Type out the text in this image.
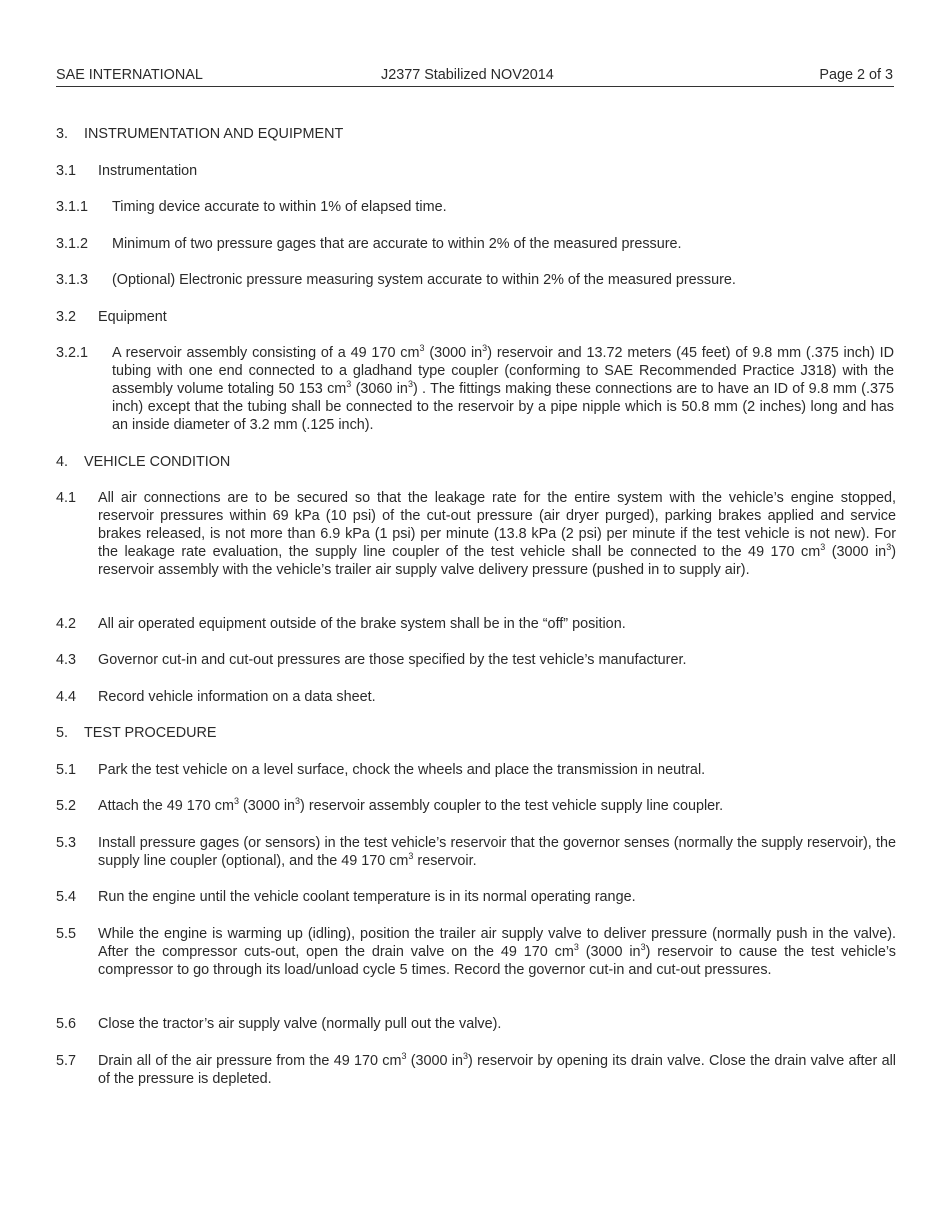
SAE INTERNATIONAL	J2377 Stabilized NOV2014	Page 2 of 3
3. INSTRUMENTATION AND EQUIPMENT
3.1 Instrumentation
3.1.1 Timing device accurate to within 1% of elapsed time.
3.1.2 Minimum of two pressure gages that are accurate to within 2% of the measured pressure.
3.1.3 (Optional) Electronic pressure measuring system accurate to within 2% of the measured pressure.
3.2 Equipment
3.2.1 A reservoir assembly consisting of a 49 170 $cm^3$ (3000 $in^3$) reservoir and 13.72 meters (45 feet) of 9.8 mm (.375 inch) ID tubing with one end connected to a gladhand type coupler (conforming to SAE Recommended Practice J318) with the assembly volume totaling 50 153 $cm^3$ (3060 $in^3$) . The fittings making these connections are to have an ID of 9.8 mm (.375 inch) except that the tubing shall be connected to the reservoir by a pipe nipple which is 50.8 mm (2 inches) long and has an inside diameter of 3.2 mm (.125 inch).
4. VEHICLE CONDITION
4.1 All air connections are to be secured so that the leakage rate for the entire system with the vehicle’s engine stopped, reservoir pressures within 69 kPa (10 psi) of the cut-out pressure (air dryer purged), parking brakes applied and service brakes released, is not more than 6.9 kPa (1 psi) per minute (13.8 kPa (2 psi) per minute if the test vehicle is not new). For the leakage rate evaluation, the supply line coupler of the test vehicle shall be connected to the 49 170 $cm^3$ (3000 $in^3$) reservoir assembly with the vehicle’s trailer air supply valve delivery pressure (pushed in to supply air).
4.2 All air operated equipment outside of the brake system shall be in the “off” position.
4.3 Governor cut-in and cut-out pressures are those specified by the test vehicle’s manufacturer.
4.4 Record vehicle information on a data sheet.
5. TEST PROCEDURE
5.1 Park the test vehicle on a level surface, chock the wheels and place the transmission in neutral.
5.2 Attach the 49 170 $cm^3$ (3000 $in^3$) reservoir assembly coupler to the test vehicle supply line coupler.
5.3 Install pressure gages (or sensors) in the test vehicle’s reservoir that the governor senses (normally the supply reservoir), the supply line coupler (optional), and the 49 170 $cm^3$ reservoir.
5.4 Run the engine until the vehicle coolant temperature is in its normal operating range.
5.5 While the engine is warming up (idling), position the trailer air supply valve to deliver pressure (normally push in the valve). After the compressor cuts-out, open the drain valve on the 49 170 $cm^3$ (3000 $in^3$) reservoir to cause the test vehicle’s compressor to go through its load/unload cycle 5 times. Record the governor cut-in and cut-out pressures.
5.6 Close the tractor’s air supply valve (normally pull out the valve).
5.7 Drain all of the air pressure from the 49 170 $cm^3$ (3000 $in^3$) reservoir by opening its drain valve. Close the drain valve after all of the pressure is depleted.
